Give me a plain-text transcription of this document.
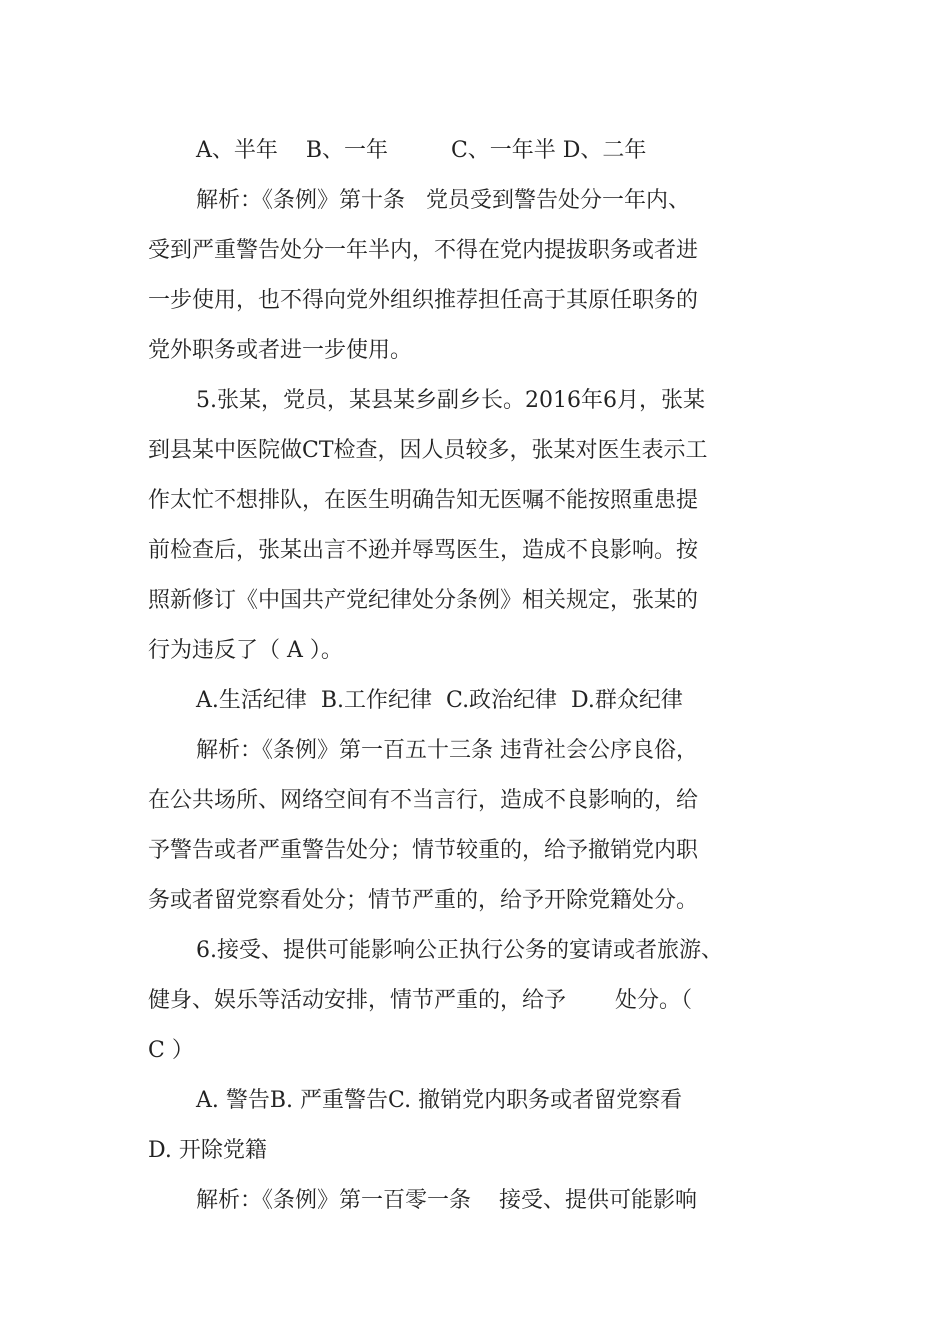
A、半年    B、一年         C、一年半 D、二年
解析：《条例》第十条   党员受到警告处分一年内、
受到严重警告处分一年半内，不得在党内提拔职务或者进
一步使用，也不得向党外组织推荐担任高于其原任职务的
党外职务或者进一步使用。
5.张某，党员，某县某乡副乡长。2016年6月，张某
到县某中医院做CT检查，因人员较多，张某对医生表示工
作太忙不想排队，在医生明确告知无医嘱不能按照重患提
前检查后，张某出言不逊并辱骂医生，造成不良影响。按
照新修订《中国共产党纪律处分条例》相关规定，张某的
行为违反了（ A ）。
A.生活纪律  B.工作纪律  C.政治纪律  D.群众纪律
解析：《条例》第一百五十三条 违背社会公序良俗，
在公共场所、网络空间有不当言行，造成不良影响的，给
予警告或者严重警告处分；情节较重的，给予撤销党内职
务或者留党察看处分；情节严重的，给予开除党籍处分。
6.接受、提供可能影响公正执行公务的宴请或者旅游、
健身、娱乐等活动安排，情节严重的，给予       处分。（
C ）
A. 警告B. 严重警告C. 撤销党内职务或者留党察看
D. 开除党籍
解析：《条例》第一百零一条    接受、提供可能影响
